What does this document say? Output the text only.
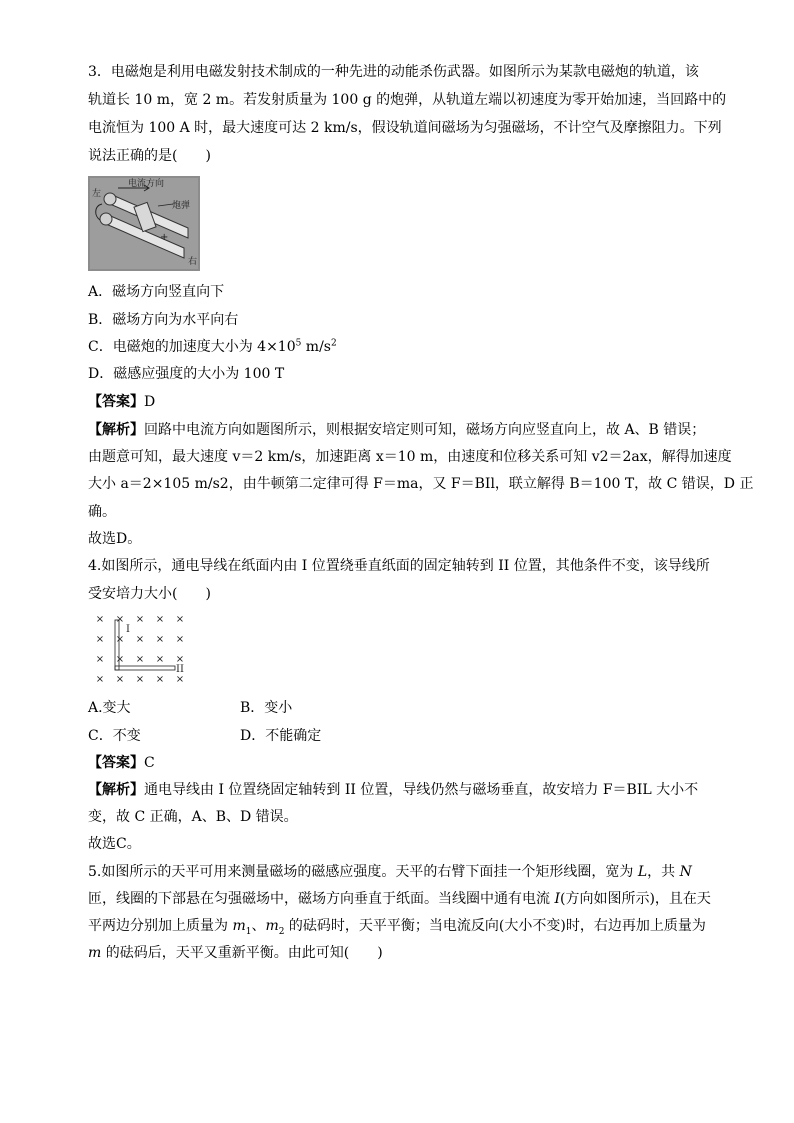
3．电磁炮是利用电磁发射技术制成的一种先进的动能杀伤武器。如图所示为某款电磁炮的轨道，该
轨道长 10 m，宽 2 m。若发射质量为 100 g 的炮弹，从轨道左端以初速度为零开始加速，当回路中的
电流恒为 100 A 时，最大速度可达 2 km/s，假设轨道间磁场为匀强磁场，不计空气及摩擦阻力。下列
说法正确的是(　　)
左
电流方向
炮弹
+
右
A．磁场方向竖直向下
B．磁场方向为水平向右
C．电磁炮的加速度大小为 $4\times 10^5$ $m/s^2$
D．磁感应强度的大小为 100 T
【答案】D
【解析】回路中电流方向如题图所示，则根据安培定则可知，磁场方向应竖直向上，故 A、B 错误；
由题意可知，最大速度 v＝2 km/s，加速距离 x＝10 m，由速度和位移关系可知 v2＝2ax，解得加速度
大小 a＝2×105 m/s2，由牛顿第二定律可得 F＝ma，又 F＝BIl，联立解得 B＝100 T，故 C 错误，D 正
确。
故选D。
4.如图所示，通电导线在纸面内由 I 位置绕垂直纸面的固定轴转到 II 位置，其他条件不变，该导线所
受安培力大小(　　)
× × × × ×
× × × × ×
× × × × ×
× × × × ×
I
II
A.变大	B．变小
C．不变	D．不能确定
【答案】C
【解析】通电导线由 I 位置绕固定轴转到 II 位置，导线仍然与磁场垂直，故安培力 F＝BIL 大小不
变，故 C 正确，A、B、D 错误。
故选C。
5.如图所示的天平可用来测量磁场的磁感应强度。天平的右臂下面挂一个矩形线圈，宽为 L，共 N
匝，线圈的下部悬在匀强磁场中，磁场方向垂直于纸面。当线圈中通有电流 I(方向如图所示)，且在天
平两边分别加上质量为 $m_1$、$m_2$ 的砝码时，天平平衡；当电流反向(大小不变)时，右边再加上质量为
m 的砝码后，天平又重新平衡。由此可知(　　)
